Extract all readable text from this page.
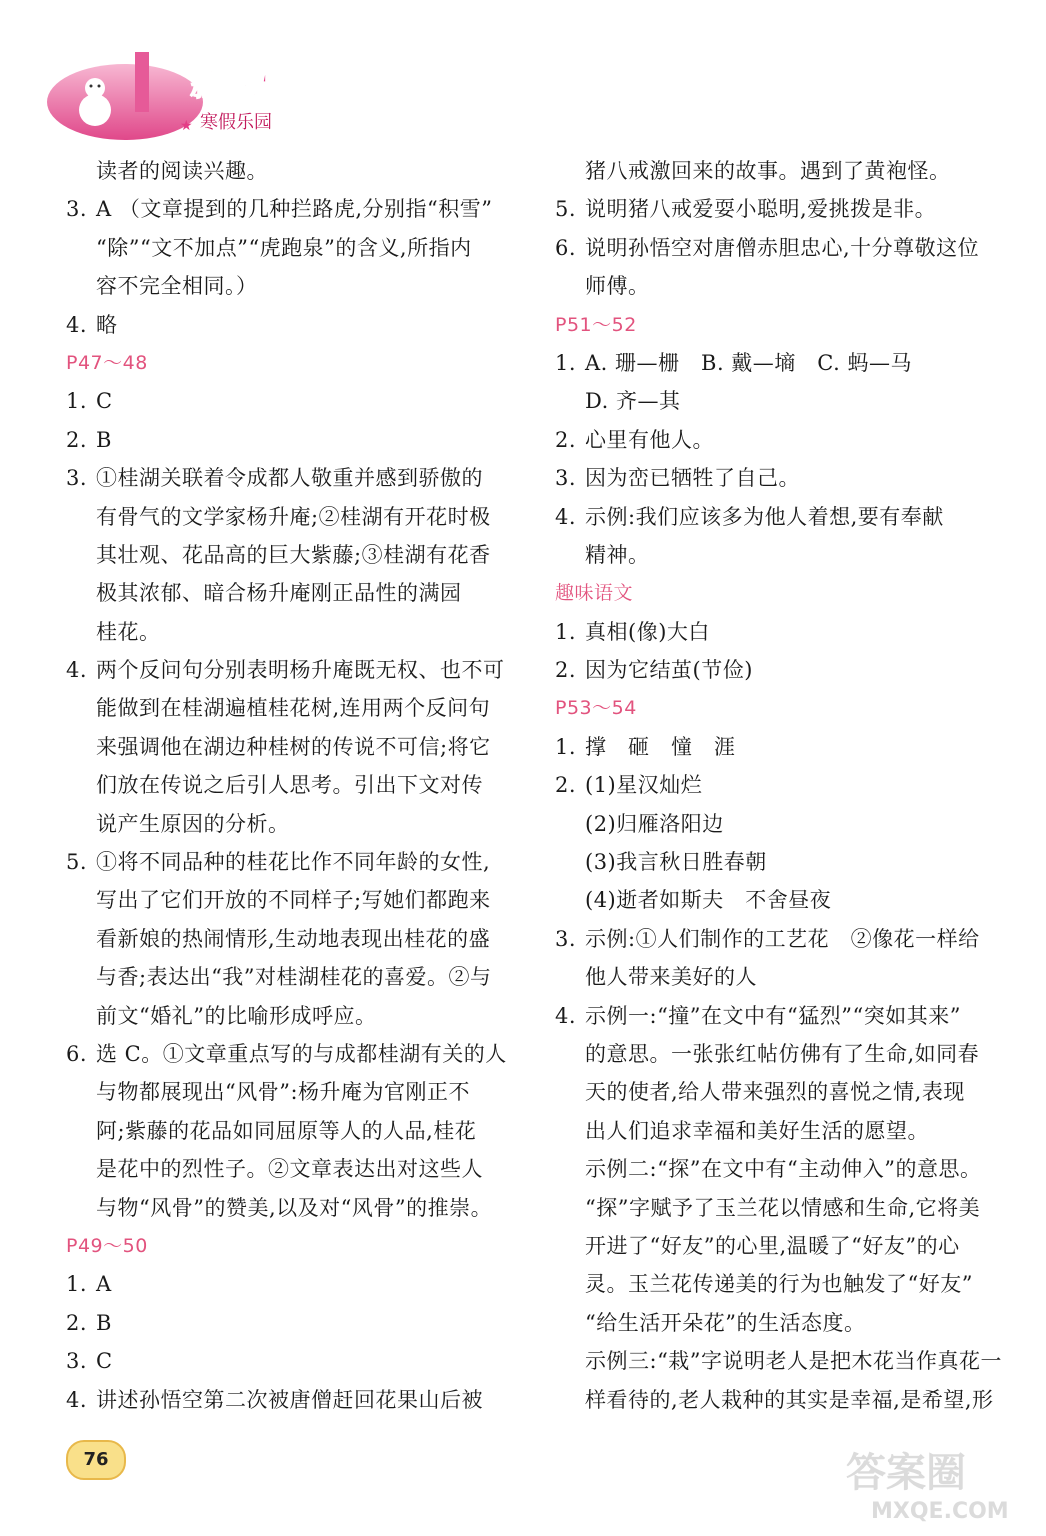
新课标
寒假乐园
★
读者的阅读兴趣。
3. A （文章提到的几种拦路虎,分别指“积雪”
“除”“文不加点”“虎跑泉”的含义,所指内
容不完全相同。）
4. 略
P47～48
1. C
2. B
3. ①桂湖关联着令成都人敬重并感到骄傲的
有骨气的文学家杨升庵;②桂湖有开花时极
其壮观、花品高的巨大紫藤;③桂湖有花香
极其浓郁、暗合杨升庵刚正品性的满园
桂花。
4. 两个反问句分别表明杨升庵既无权、也不可
能做到在桂湖遍植桂花树,连用两个反问句
来强调他在湖边种桂树的传说不可信;将它
们放在传说之后引人思考。引出下文对传
说产生原因的分析。
5. ①将不同品种的桂花比作不同年龄的女性,
写出了它们开放的不同样子;写她们都跑来
看新娘的热闹情形,生动地表现出桂花的盛
与香;表达出“我”对桂湖桂花的喜爱。②与
前文“婚礼”的比喻形成呼应。
6. 选 C。①文章重点写的与成都桂湖有关的人
与物都展现出“风骨”:杨升庵为官刚正不
阿;紫藤的花品如同屈原等人的人品,桂花
是花中的烈性子。②文章表达出对这些人
与物“风骨”的赞美,以及对“风骨”的推崇。
P49～50
1. A
2. B
3. C
4. 讲述孙悟空第二次被唐僧赶回花果山后被
猪八戒激回来的故事。遇到了黄袍怪。
5. 说明猪八戒爱耍小聪明,爱挑拨是非。
6. 说明孙悟空对唐僧赤胆忠心,十分尊敬这位
师傅。
P51～52
1. A. 珊—栅　B. 戴—墒　C. 蚂—马
D. 齐—其
2. 心里有他人。
3. 因为峦已牺牲了自己。
4. 示例:我们应该多为他人着想,要有奉献
精神。
趣味语文
1. 真相(像)大白
2. 因为它结茧(节俭)
P53～54
1. 撑　砸　憧　涯
2. (1)星汉灿烂
(2)归雁洛阳边
(3)我言秋日胜春朝
(4)逝者如斯夫　不舍昼夜
3. 示例:①人们制作的工艺花　②像花一样给
他人带来美好的人
4. 示例一:“撞”在文中有“猛烈”“突如其来”
的意思。一张张红帖仿佛有了生命,如同春
天的使者,给人带来强烈的喜悦之情,表现
出人们追求幸福和美好生活的愿望。
示例二:“探”在文中有“主动伸入”的意思。
“探”字赋予了玉兰花以情感和生命,它将美
开进了“好友”的心里,温暖了“好友”的心
灵。玉兰花传递美的行为也触发了“好友”
“给生活开朵花”的生活态度。
示例三:“栽”字说明老人是把木花当作真花一
样看待的,老人栽种的其实是幸福,是希望,形
76	答案圈
MXQE.COM
